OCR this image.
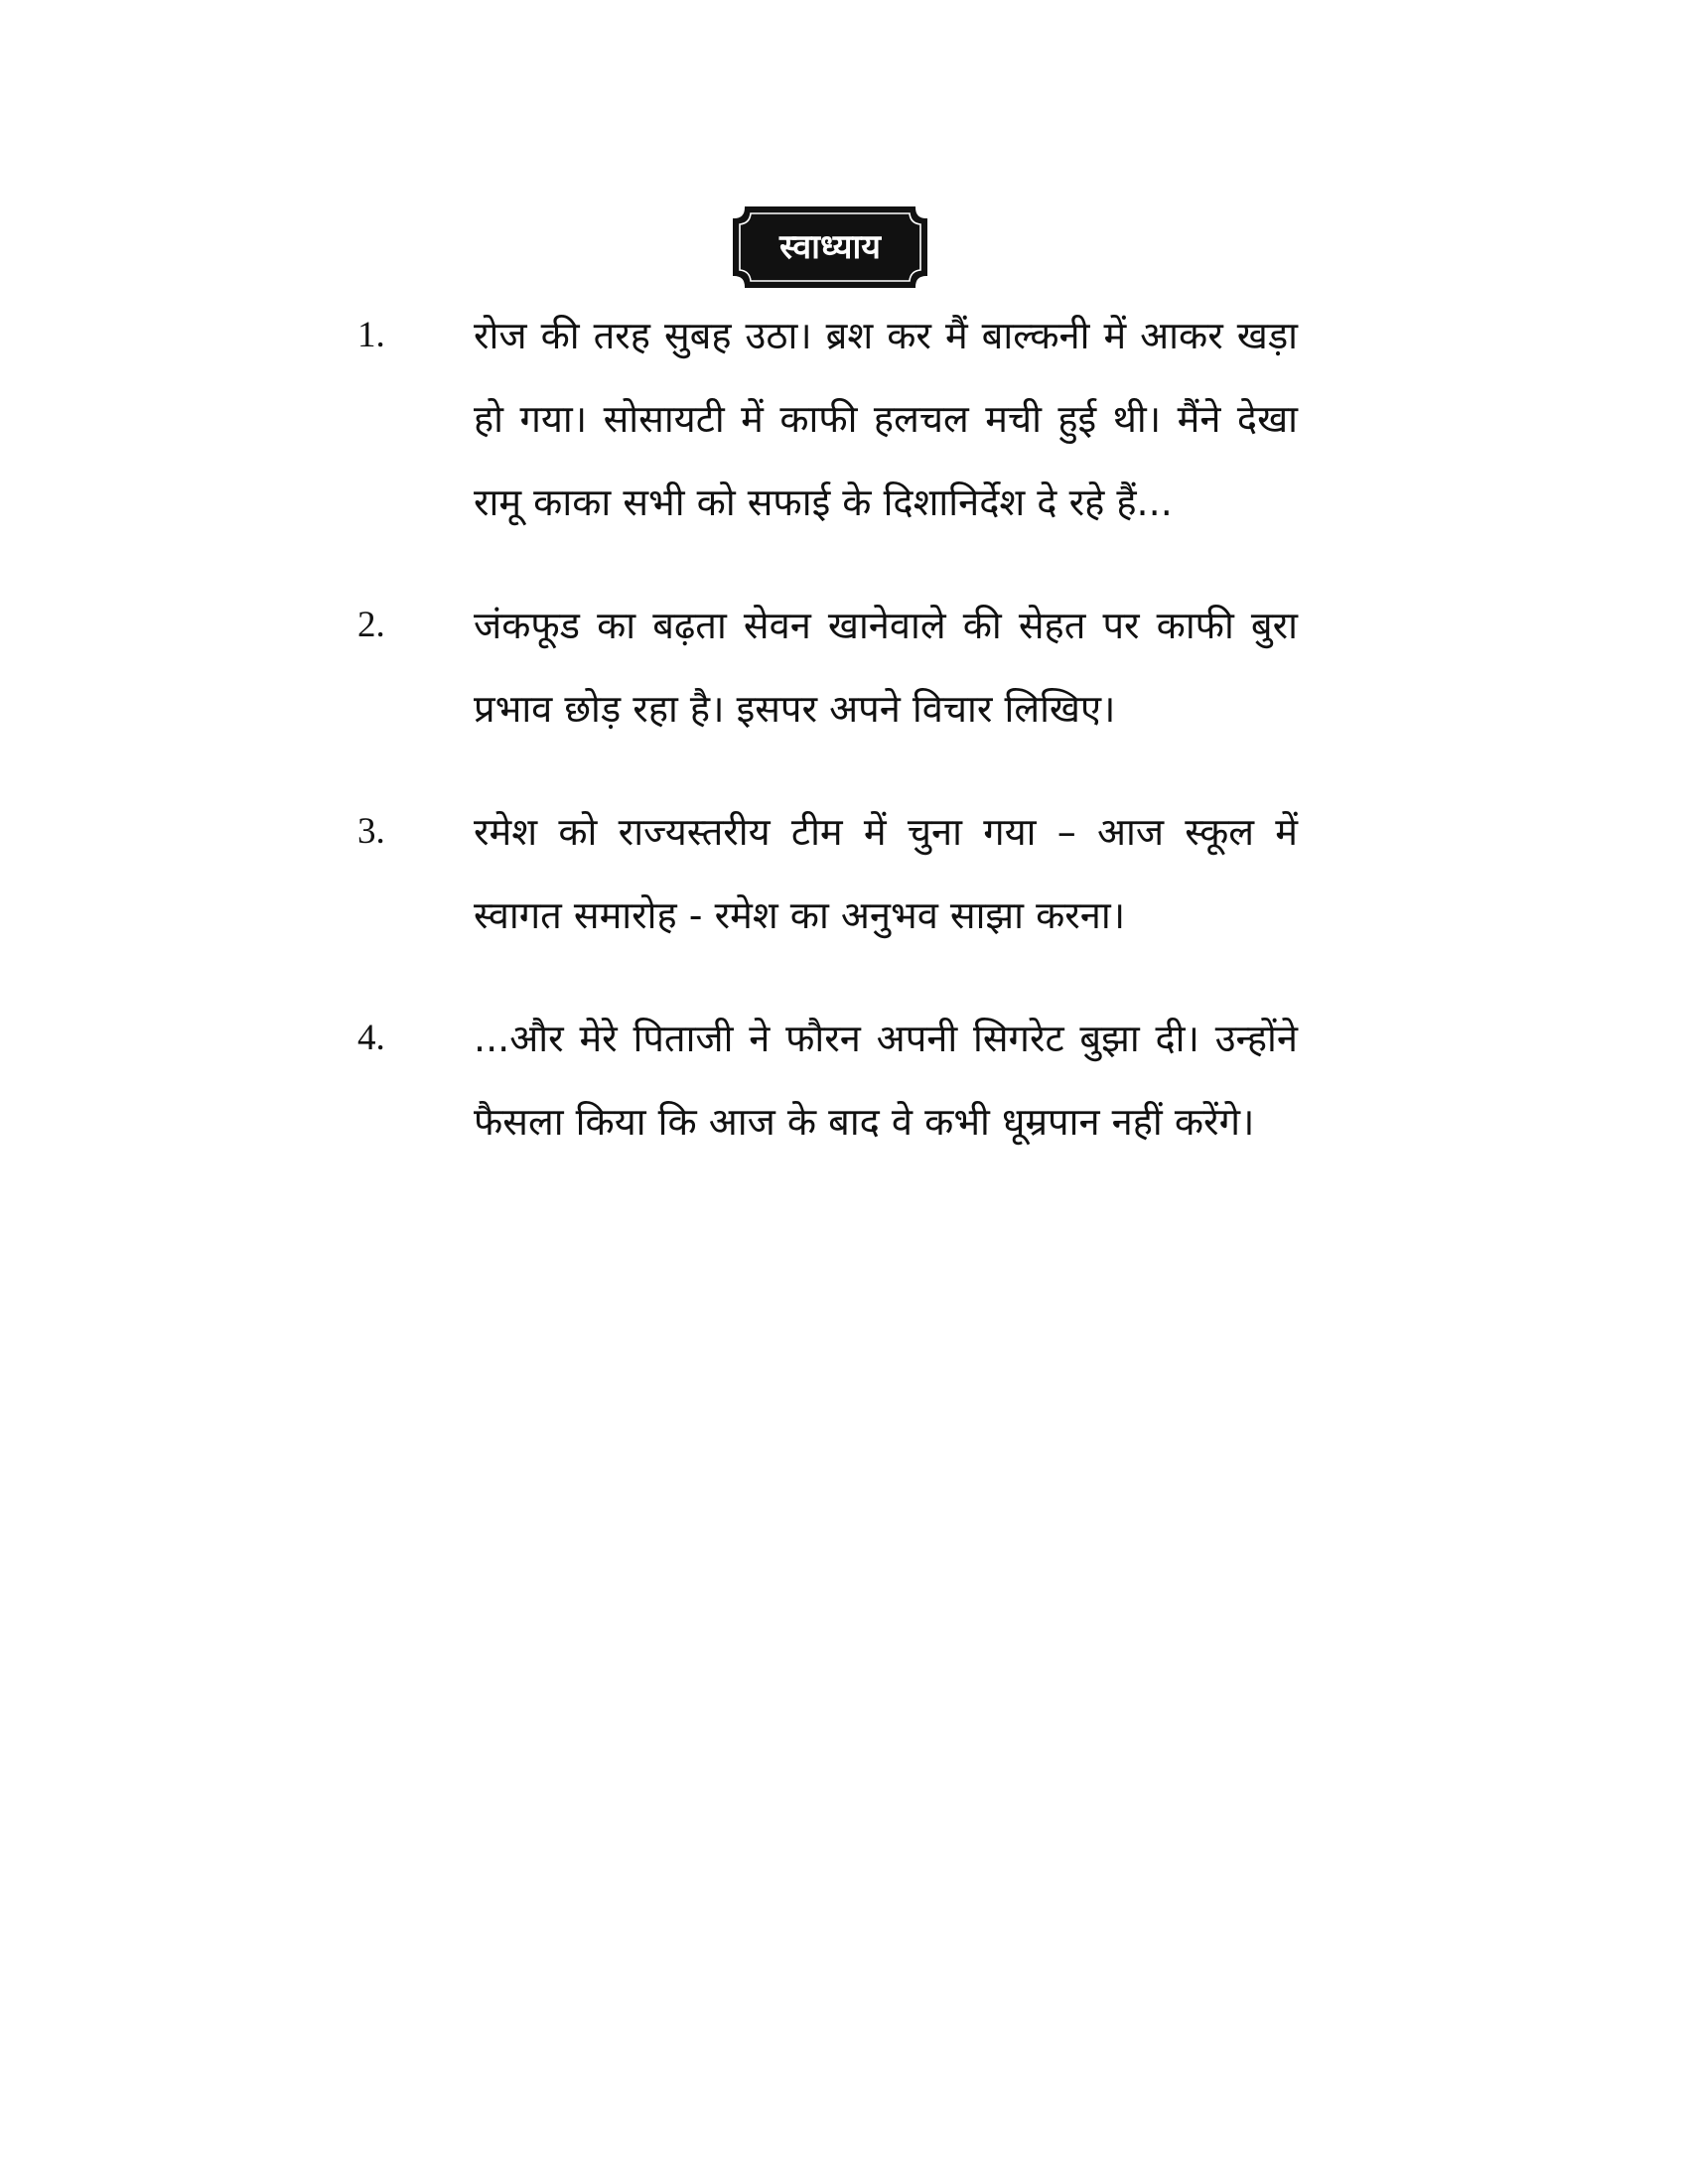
स्वाध्याय
1.	रोज की तरह सुबह उठा। ब्रश कर मैं बाल्कनी में आकर खड़ा हो गया। सोसायटी में काफी हलचल मची हुई थी। मैंने देखा रामू काका सभी को सफाई के दिशानिर्देश दे रहे हैं...
2.	जंकफूड का बढ़ता सेवन खानेवाले की सेहत पर काफी बुरा प्रभाव छोड़ रहा है। इसपर अपने विचार लिखिए।
3.	रमेश को राज्यस्तरीय टीम में चुना गया – आज स्कूल में स्वागत समारोह - रमेश का अनुभव साझा करना।
4.	...और मेरे पिताजी ने फौरन अपनी सिगरेट बुझा दी। उन्होंने फैसला किया कि आज के बाद वे कभी धूम्रपान नहीं करेंगे।
